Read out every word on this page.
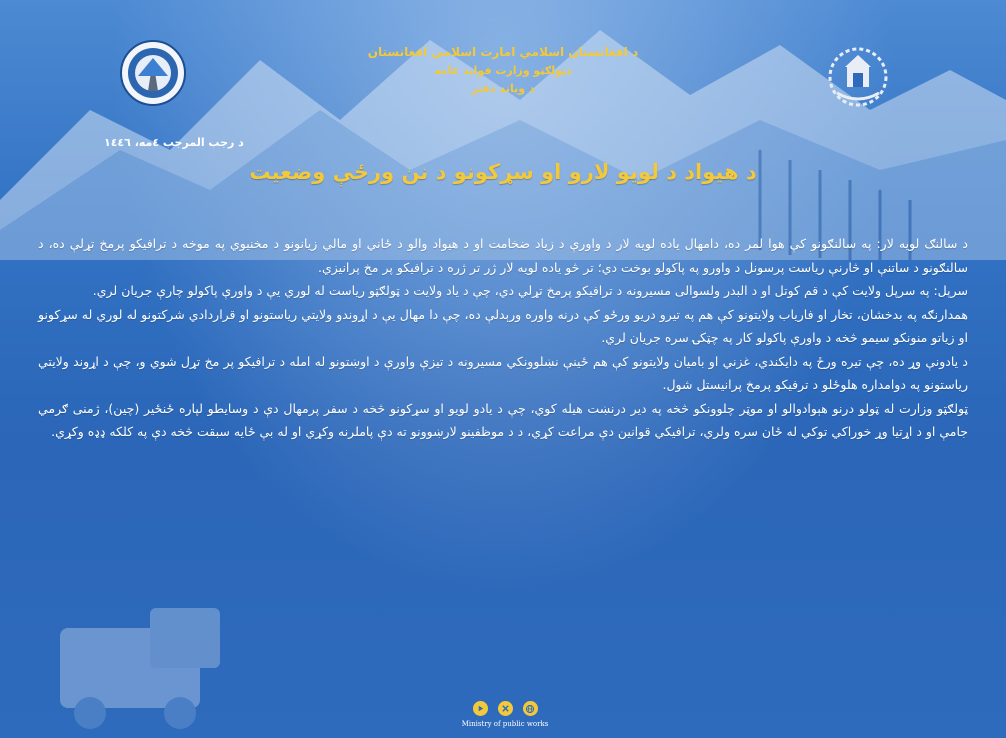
د افغانستان اسلامي امارت اسلامي افغانستان
دټولګټو وزارت فوايد عامه
د وياند دفتر
د رجب المرجب ٤مه، ١٤٤٦
د هیواد د لويو لارو او سړکونو د نن ورځې وضعيت

د سالنګ لويه لار: په سالنګونو کې هوا لمر ده، دامهال ياده لويه لار د واورې د زياد ضخامت او د هيواد والو د ځاني او مالي زيانونو د مخنيوي په موخه د ترافيکو پرمخ تړلې ده، د سالنګونو د ساتنې او څارنې رياست پرسونل د واورو په پاکولو بوخت دي؛ تر څو ياده لويه لار ژر تر ژره د ترافيکو پر مخ پرانيزي.

سرپل: په سرپل ولايت کې د قم کوتل او د البدر ولسوالی مسیرونه د ترافیکو پرمخ تړلي دي، چې د یاد ولایت د ټولګټو ریاست له لوري يې د واورې پاکولو چارې جريان لري.

همدارنګه په بدخشان، تخار او فارياب ولايتونو کې هم په تيرو دريو ورځو کې درنه واوره ورېدلې ده، چې دا مهال يې د اړوندو ولايتي رياستونو او قراردادي شرکتونو له لوري له سړکونو او زياتو منونکو سيمو څخه د واورې پاکولو کار په چټکۍ سره جريان لري.

د يادونې وړ ده، چې تيره ورځ په دايکندي، غزني او باميان ولايتونو کې هم ځينې نښلوونکي مسيرونه د تيزې واورې د اوښتونو له امله د ترافيکو پر مخ تړل شوي و، چې د اړوند ولايتي رياستونو په دوامداره هلوځلو د ترفيکو پرمخ پرانيستل شول.

ټولګټو وزارت له ټولو درنو هېوادوالو او موټر چلوونکو څخه په دير درنښت هيله کوي، چې د يادو لويو او سړکونو څخه د سفر پرمهال دې د وسايطو لپاره ځنځير (چين)، ژمنی ګرمي جامې او د اړتيا وړ خوراکي توکي له ځان سره ولري، ترافيکي قوانين دې مراعت کړي، د د موظفينو لارښوونو ته دې پاملرنه وکړي او له بې ځايه سبقت څخه دې په کلکه ډډه وکړي.

Ministry of public works
